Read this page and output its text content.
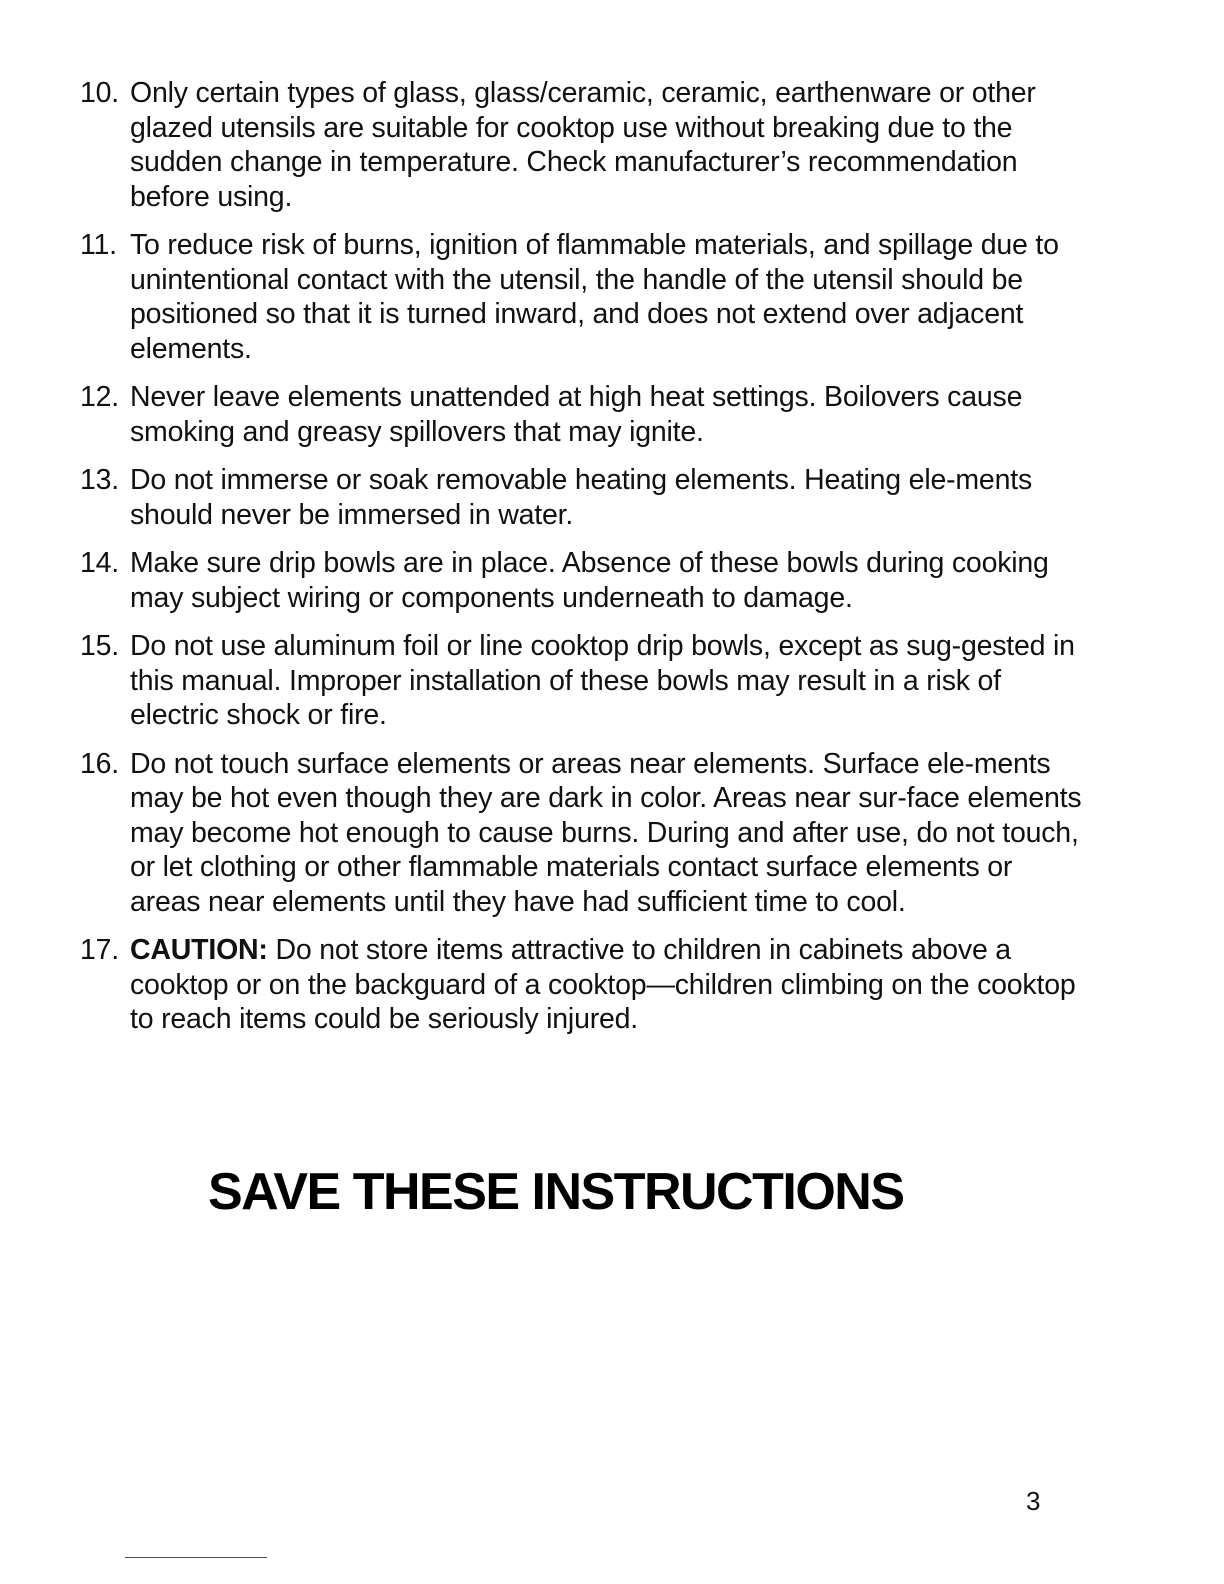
10. Only certain types of glass, glass/ceramic, ceramic, earthenware or other glazed utensils are suitable for cooktop use without breaking due to the sudden change in temperature. Check manufacturer’s recommendation before using.
11. To reduce risk of burns, ignition of flammable materials, and spillage due to unintentional contact with the utensil, the handle of the utensil should be positioned so that it is turned inward, and does not extend over adjacent elements.
12. Never leave elements unattended at high heat settings. Boilovers cause smoking and greasy spillovers that may ignite.
13. Do not immerse or soak removable heating elements. Heating ele-ments should never be immersed in water.
14. Make sure drip bowls are in place. Absence of these bowls during cooking may subject wiring or components underneath to damage.
15. Do not use aluminum foil or line cooktop drip bowls, except as sug-gested in this manual. Improper installation of these bowls may result in a risk of electric shock or fire.
16. Do not touch surface elements or areas near elements. Surface ele-ments may be hot even though they are dark in color. Areas near sur-face elements may become hot enough to cause burns. During and after use, do not touch, or let clothing or other flammable materials contact surface elements or areas near elements until they have had sufficient time to cool.
17. CAUTION: Do not store items attractive to children in cabinets above a cooktop or on the backguard of a cooktop—children climbing on the cooktop to reach items could be seriously injured.
SAVE THESE INSTRUCTIONS
3
